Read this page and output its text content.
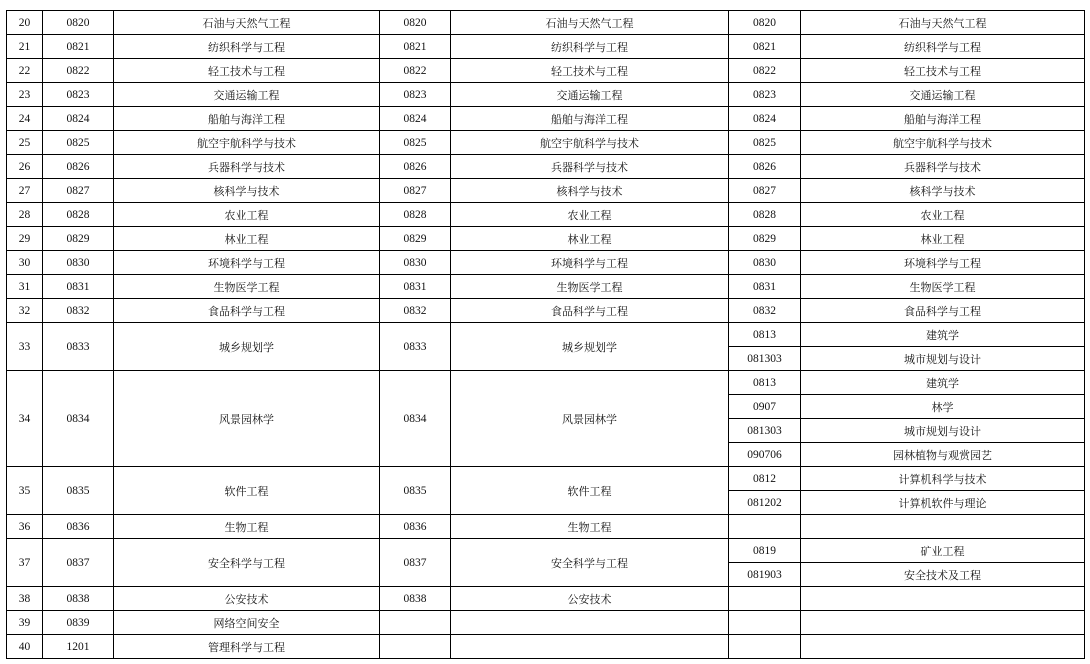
20	0820	石油与天然气工程	0820	石油与天然气工程	0820	石油与天然气工程
21	0821	纺织科学与工程	0821	纺织科学与工程	0821	纺织科学与工程
22	0822	轻工技术与工程	0822	轻工技术与工程	0822	轻工技术与工程
23	0823	交通运输工程	0823	交通运输工程	0823	交通运输工程
24	0824	船舶与海洋工程	0824	船舶与海洋工程	0824	船舶与海洋工程
25	0825	航空宇航科学与技术	0825	航空宇航科学与技术	0825	航空宇航科学与技术
26	0826	兵器科学与技术	0826	兵器科学与技术	0826	兵器科学与技术
27	0827	核科学与技术	0827	核科学与技术	0827	核科学与技术
28	0828	农业工程	0828	农业工程	0828	农业工程
29	0829	林业工程	0829	林业工程	0829	林业工程
30	0830	环境科学与工程	0830	环境科学与工程	0830	环境科学与工程
31	0831	生物医学工程	0831	生物医学工程	0831	生物医学工程
32	0832	食品科学与工程	0832	食品科学与工程	0832	食品科学与工程
33	0833	城乡规划学	0833	城乡规划学	0813	建筑学
					081303	城市规划与设计
34	0834	风景园林学	0834	风景园林学	0813	建筑学
					0907	林学
					081303	城市规划与设计
					090706	园林植物与观赏园艺
35	0835	软件工程	0835	软件工程	0812	计算机科学与技术
					081202	计算机软件与理论
36	0836	生物工程	0836	生物工程		
37	0837	安全科学与工程	0837	安全科学与工程	0819	矿业工程
					081903	安全技术及工程
38	0838	公安技术	0838	公安技术		
39	0839	网络空间安全				
40	1201	管理科学与工程				
